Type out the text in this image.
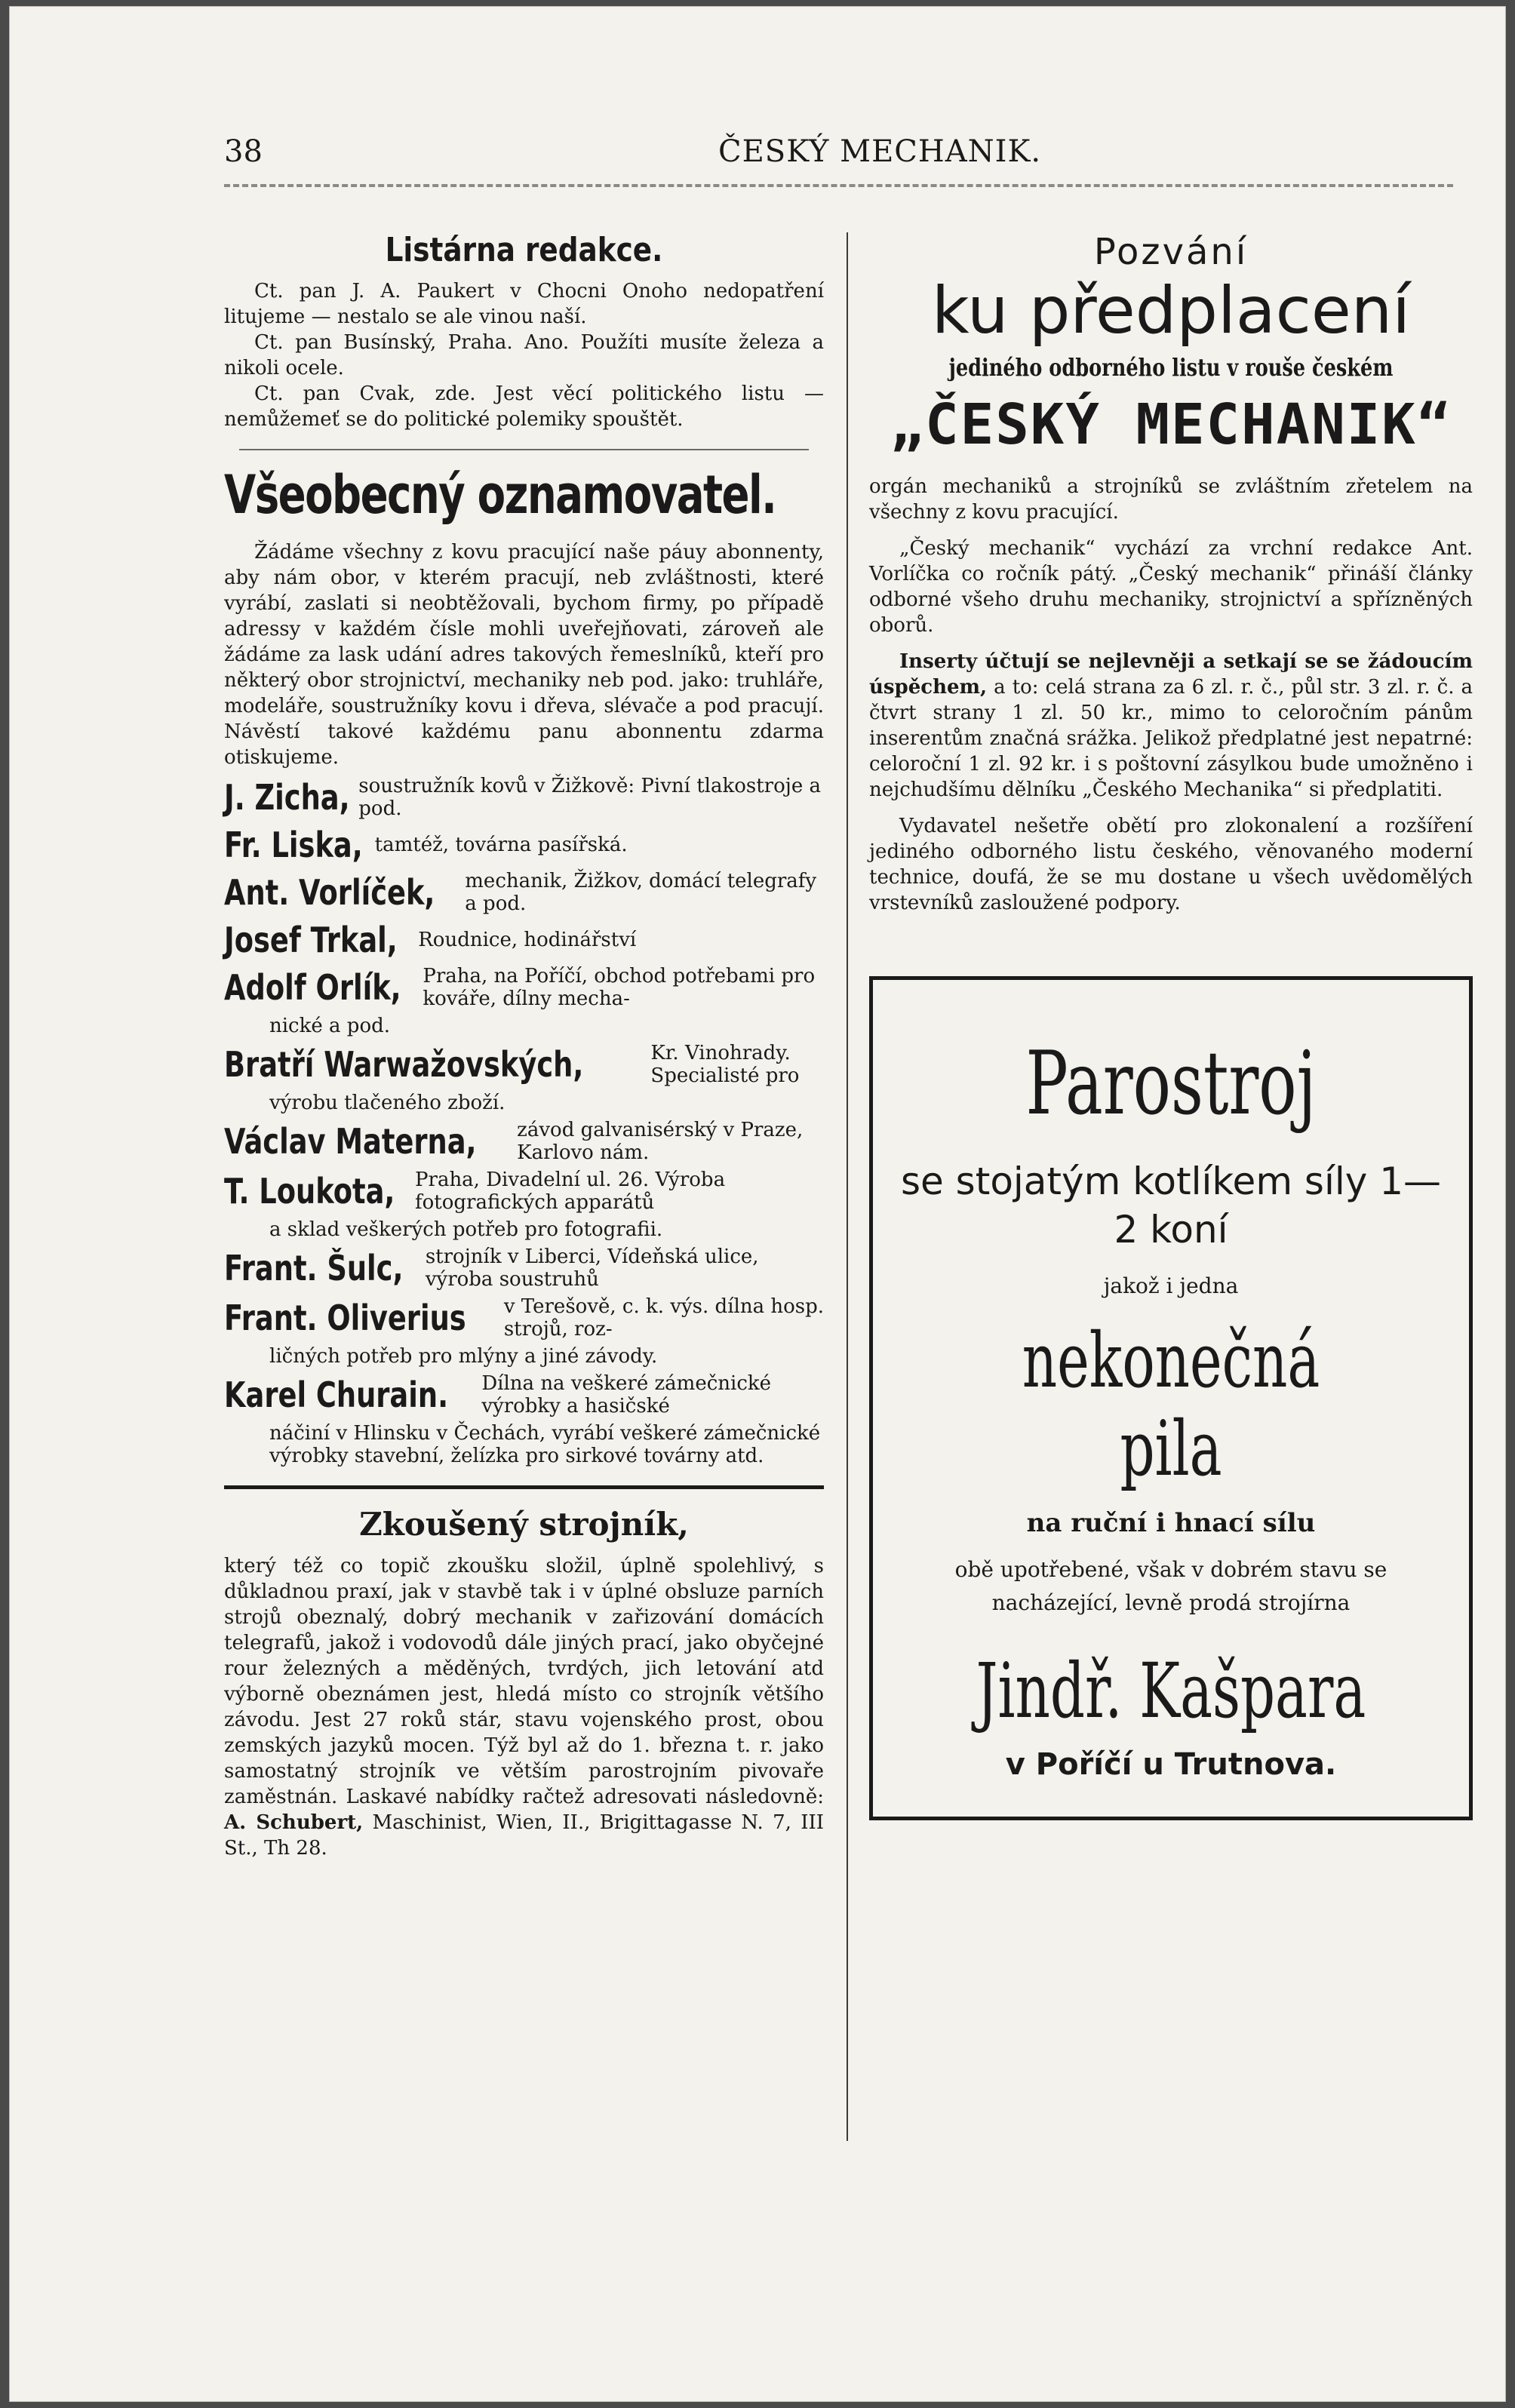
38	ČESKÝ MECHANIK.
Listárna redakce.

Ct. pan J. A. Paukert v Chocni Onoho nedopatření litujeme — nestalo se ale vinou naší.

Ct. pan Busínský, Praha. Ano. Použíti musíte železa a nikoli ocele.

Ct. pan Cvak, zde. Jest věcí politického listu — nemůžemeť se do politické polemiky spouštět.

Všeobecný oznamovatel.

Žádáme všechny z kovu pracující naše páuy abonnenty, aby nám obor, v kterém pracují, neb zvláštnosti, které vyrábí, zaslati si neobtěžovali, bychom firmy, po případě adressy v každém čísle mohli uveřejňovati, zároveň ale žádáme za lask udání adres takových řemeslníků, kteří pro některý obor strojnictví, mechaniky neb pod. jako: truhláře, modeláře, soustružníky kovu i dřeva, slévače a pod pracují. Návěstí takové každému panu abonnentu zdarma otiskujeme.

J. Zicha, soustružník kovů v Žižkově: Pivní tlakostroje a pod.
Fr. Liska, tamtéž, továrna pasířská.
Ant. Vorlíček, mechanik, Žižkov, domácí telegrafy a pod.
Josef Trkal, Roudnice, hodinářství
Adolf Orlík, Praha, na Poříčí, obchod potřebami pro kováře, dílny mecha-
nické a pod.
Bratří Warwažovských,	Kr. Vinohrady. Specialisté pro
výrobu tlačeného zboží.
Václav Materna, závod galvanisérský v Praze, Karlovo nám.
T. Loukota, Praha, Divadelní ul. 26. Výroba fotografických apparátů
a sklad veškerých potřeb pro fotografii.
Frant. Šulc, strojník v Liberci, Vídeňská ulice, výroba soustruhů
Frant. Oliverius v Terešově, c. k. výs. dílna hosp. strojů, roz-
ličných potřeb pro mlýny a jiné závody.
Karel Churain. Dílna na veškeré zámečnické výrobky a hasičské
náčiní v Hlinsku v Čechách, vyrábí veškeré zámečnické výrobky stavební, želízka pro sirkové továrny atd.
Zkoušený strojník,

který též co topič zkoušku složil, úplně spolehlivý, s důkladnou praxí, jak v stavbě tak i v úplné obsluze parních strojů obeznalý, dobrý mechanik v zařizování domácích telegrafů, jakož i vodovodů dále jiných prací, jako obyčejné rour železných a měděných, tvrdých, jich letování atd výborně obeznámen jest, hledá místo co strojník většího závodu. Jest 27 roků stár, stavu vojenského prost, obou zemských jazyků mocen. Týž byl až do 1. března t. r. jako samostatný strojník ve větším parostrojním pivovaře zaměstnán. Laskavé nabídky račtež adresovati následovně: A. Schubert, Maschinist, Wien, II., Brigittagasse N. 7, III St., Th 28.

Pozvání
ku předplacení
jediného odborného listu v rouše českém
„ČESKÝ MECHANIK“

orgán mechaniků a strojníků se zvláštním zřetelem na všechny z kovu pracující.

„Český mechanik“ vychází za vrchní redakce Ant. Vorlíčka co ročník pátý. „Český mechanik“ přináší články odborné všeho druhu mechaniky, strojnictví a spřízněných oborů.

Inserty účtují se nejlevněji a setkají se se žádoucím úspěchem, a to: celá strana za 6 zl. r. č., půl str. 3 zl. r. č. a čtvrt strany 1 zl. 50 kr., mimo to celoročním pánům inserentům značná srážka. Jelikož předplatné jest nepatrné: celoroční 1 zl. 92 kr. i s poštovní zásylkou bude umožněno i nejchudšímu dělníku „Českého Mechanika“ si předplatiti.

Vydavatel nešetře obětí pro zlokonalení a rozšíření jediného odborného listu českého, věnovaného moderní technice, doufá, že se mu dostane u všech uvědomělých vrstevníků zasloužené podpory.

Parostroj
se stojatým kotlíkem síly 1—2 koní
jakož i jedna
nekonečná pila
na ruční i hnací sílu
obě upotřebené, však v dobrém stavu se nacházející, levně prodá strojírna
Jindř. Kašpara
v Poříčí u Trutnova.
